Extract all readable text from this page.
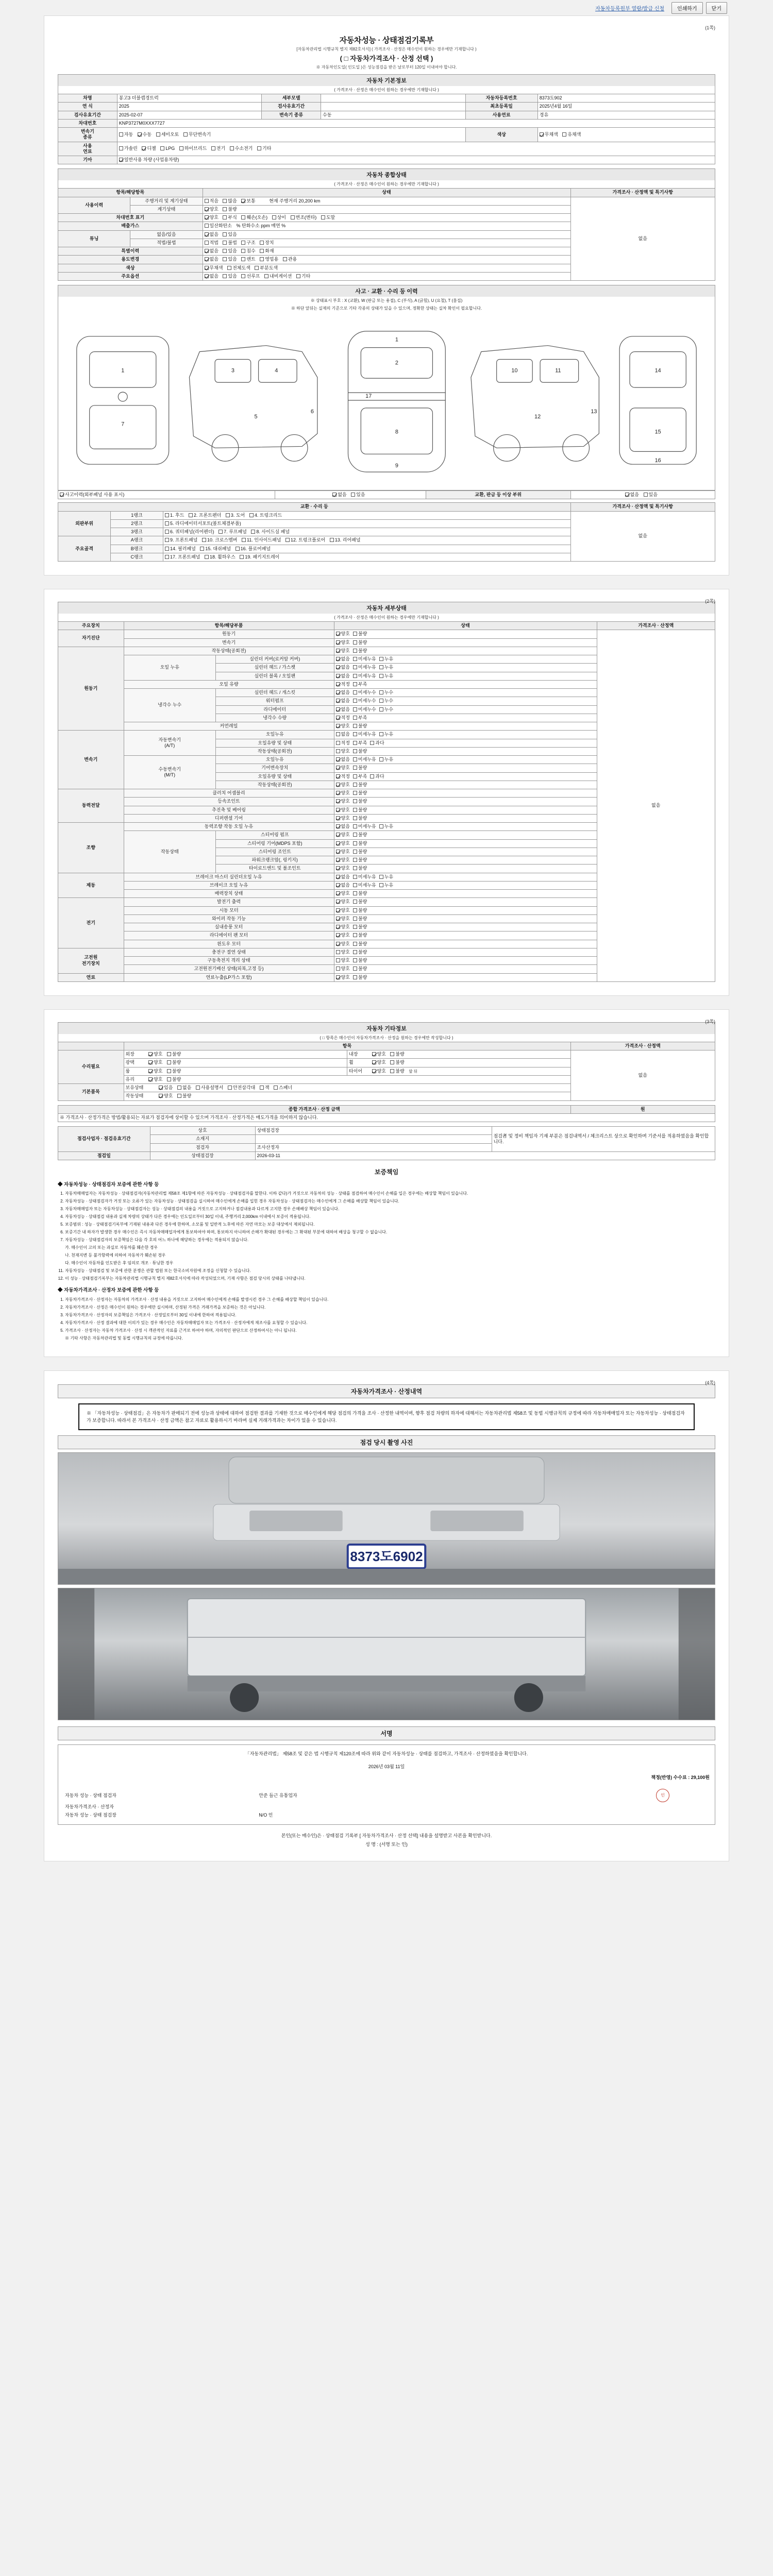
자동차등록원부 열람/발급 신청	인쇄하기	닫기
(1쪽)
자동차성능 · 상태점검기록부
[자동차관리법 시행규칙 별지 제82호서식] ( 가격조사 · 산정은 매수인이 원하는 경우에만 기재합니다 )
( □ 자동차가격조사 · 산정 선택 )
※ 자동차인도일( 인도일 )은 성능점검을 받은 날로부터 120일 이내여야 합니다.
자동차 기본정보
( 가격조사 · 산정은 매수인이 원하는 경우에만 기재합니다 )
차명	봉고3 더블캡경트럭	세부모델		자동차등록번호	8373도902
연 식	2025	검사유효기간		최초등록일	2025년4월 16일
검사유효기간	2025-02-07	변속기 종류	수동	사용연료	경유
차대번호	KNP3727M0XXX7727				
변속기
종류	자동 수동 세미오토 무단변속기			색상	무채색 유채색
사용
연료	가솔린 디젤 LPG 하이브리드 전기 수소전기 기타				
기아	일반사용 차량 (사업용차량)				
자동차 종합상태
( 가격조사 · 산정은 매수인이 원하는 경우에만 기재합니다 )
항목/해당항목		상태	가격조사 · 산정액 및 특기사항
사용이력	주행거리 및 계기상태	적음 많음 보통 현재 주행거리 20,200 km	없음
	계기상태	양호 불량	
차대번호 표기		양호 부식 훼손(오손) 상이 변조(변타) 도말	
배출가스		일산화탄소 % 탄화수소 ppm 매연 %	
튜닝	없음/있음	없음 있음	
	적법/불법	적법 불법 구조 장치	
특별이력		없음 있음 침수 화재	
용도변경		없음 있음 렌트 영업용 관용	
색상		무채색 전체도색 부분도색	
주요옵션		없음 있음 선루프 내비게이션 기타	
사고 · 교환 · 수리 등 이력
※ 상태표시 부호 : X (교환), W (판금 또는 용접), C (부식), A (긁힘), U (요철), T (흠집)
※ 하단 앞뒤는 실제의 기준으로 기타 각종의 상태가 있을 수 있으며, 정확한 상태는 실차 확인이 필요합니다.
1
7
3	4
5
6
1
2
8
9
10	11
12
13
14
15
16
17
사고이력(외부패널 사용 표시)	없음 있음	교환, 판금 등 이상 부위	없음 있음
교환 · 수리 등			가격조사 · 산정액 및 특기사항
외판부위	1랭크	1. 후드 2. 프론트펜더 3. 도어 4. 트렁크리드	없음
	2랭크	5. 라디에이터서포트(볼트체결부품)	
	3랭크	6. 쿼터패널(리어펜더) 7. 루프패널 8. 사이드실 패널	
주요골격	A랭크	9. 프론트패널 10. 크로스멤버 11. 인사이드패널 12. 트렁크플로어 13. 리어패널	
	B랭크	14. 필러패널 15. 대쉬패널 16. 플로어패널	
	C랭크	17. 프론트패널 18. 휠하우스 19. 패키지트레이	
(2쪽)
자동차 세부상태
( 가격조사 · 산정은 매수인이 원하는 경우에만 기재합니다 )
주요장치	항목/해당부품		상태	가격조사 · 산정액
자기진단	원동기		양호 불량	없음
	변속기		양호 불량	
원동기	작동상태(공회전)		양호 불량	
	오일 누유	실린더 커버(로커암 커버)	없음 미세누유 누유	
		실린더 헤드 / 가스켓	없음 미세누유 누유	
		실린더 블록 / 오일팬	없음 미세누유 누유	
	오일 유량		적정 부족	
	냉각수 누수	실린더 헤드 / 개스킷	없음 미세누수 누수	
		워터펌프	없음 미세누수 누수	
		라디에이터	없음 미세누수 누수	
		냉각수 수량	적정 부족	
	커먼레일		양호 불량	
변속기	자동변속기
(A/T)	오일누유	없음 미세누유 누유	
		오일유량 및 상태	적정 부족 과다	
		작동상태(공회전)	양호 불량	
	수동변속기
(M/T)	오일누유	없음 미세누유 누유	
		기어변속장치	양호 불량	
		오일유량 및 상태	적정 부족 과다	
		작동상태(공회전)	양호 불량	
동력전달	클러치 어셈블리		양호 불량	
	등속조인트		양호 불량	
	추진축 및 베어링		양호 불량	
	디퍼렌셜 기어		양호 불량	
조향	동력조향 작동 오일 누유		없음 미세누유 누유	
	작동상태	스티어링 펌프	양호 불량	
		스티어링 기어(MDPS 포함)	양호 불량	
		스티어링 조인트	양호 불량	
		파워크랭크암(, 링키지)	양호 불량	
		타이로드엔드 및 볼조인트	양호 불량	
제동	브레이크 마스터 실린더오일 누유		없음 미세누유 누유	
	브레이크 오일 누유		없음 미세누유 누유	
	배력장치 상태		양호 불량	
전기	발전기 출력		양호 불량	
	시동 모터		양호 불량	
	와이퍼 작동 기능		양호 불량	
	실내송풍 모터		양호 불량	
	라디에이터 팬 모터		양호 불량	
	윈도우 모터		양호 불량	
고전원
전기장치	충전구 절연 상태		양호 불량	
	구동축전지 격리 상태		양호 불량	
	고전원전기배선 상태(피복,고정 등)		양호 불량	
연료	연료누출(LP가스 포함)		양호 불량	
(3쪽)
자동차 기타정보
( □ 항목은 매수인이 자동차가격조사 · 산정을 원하는 경우에만 작성합니다 )
	항목		가격조사 · 산정액
수리필요	외장 양호 불량	내장 양호 불량	없음
	광택 양호 불량	휠 양호 불량	
	룸 양호 불량	타이어 양호 불량 앞 뒤	
	유리 양호 불량		
기본품목	보유상태 있음 없음 사용설명서 안전삼각대 잭 스패너		
	작동상태 양호 불량		
종합 가격조사 · 산정 금액	원
※ 가격조사 · 산정가격은 방법/활용되는 자료가 점검자에 상이할 수 있으며 가격조사 · 산정가격은 매도가격을 의미하지 않습니다.
점검사업자 · 점검유효기간	상호	상태점검장	점검者 및 정비 책임자 기재 부분은 점검내역서 / 체크리스트 상으로 확인하며 기준서를 적용하였음을 확인합니다.
	소재지		
	점검자	조사산정자	
점검일	상태점검장	2026-03-11	
보증책임
◆ 자동차성능 · 상태점검자 보증에 관한 사항 등
1. 자동차매매업자는 자동차성능 · 상태점검자(자동차관리법 제58조 제1항에 따른 자동차성능 · 상태점검자를 말한다. 이하 같다)가 거짓으로 자동차의 성능 · 상태를 점검하여 매수인이 손해를 입은 경우에는 배상할 책임이 있습니다.
2. 자동차성능 · 상태점검자가 거짓 또는 오류가 있는 자동차성능 · 상태점검을 실시하여 매수인에게 손해를 입힌 경우 자동차성능 · 상태점검자는 매수인에게 그 손해를 배상할 책임이 있습니다.
3. 자동차매매업자 또는 자동차성능 · 상태점검자는 성능 · 상태점검의 내용을 거짓으로 고지하거나 점검내용과 다르게 고지한 경우 손해배상 책임이 있습니다.
4. 자동차성능 · 상태점검 내용과 실제 차량의 상태가 다른 경우에는 인도일로부터 30일 이내, 주행거리 2,000km 이내에서 보증이 적용됩니다.
5. 보증범위 : 성능 · 상태점검기록부에 기재된 내용과 다른 경우에 한하며, 소모품 및 일반적 노후에 따른 자연 마모는 보증 대상에서 제외됩니다.
6. 보증기간 내 하자가 발생한 경우 매수인은 즉시 자동차매매업자에게 통보하여야 하며, 통보하지 아니하여 손해가 확대된 경우에는 그 확대된 부분에 대하여 배상을 청구할 수 없습니다.
7. 자동차성능 · 상태점검자의 보증책임은 다음 각 호의 어느 하나에 해당하는 경우에는 적용되지 않습니다.
가. 매수인이 고의 또는 과실로 자동차를 훼손한 경우
나. 천재지변 등 불가항력에 의하여 자동차가 훼손된 경우
다. 매수인이 자동차를 인도받은 후 임의로 개조 · 튜닝한 경우
11. 자동차성능 · 상태점검 및 보증에 관한 분쟁은 관할 법원 또는 한국소비자원에 조정을 신청할 수 있습니다.
12. 이 성능 · 상태점검기록부는 자동차관리법 시행규칙 별지 제82호서식에 따라 작성되었으며, 기재 사항은 점검 당시의 상태를 나타냅니다.
◆ 자동차가격조사 · 산정자 보증에 관한 사항 등
1. 자동차가격조사 · 산정자는 자동차의 가격조사 · 산정 내용을 거짓으로 고지하여 매수인에게 손해를 발생시킨 경우 그 손해를 배상할 책임이 있습니다.
2. 자동차가격조사 · 산정은 매수인이 원하는 경우에만 실시하며, 산정된 가격은 거래가격을 보증하는 것은 아닙니다.
3. 자동차가격조사 · 산정자의 보증책임은 가격조사 · 산정일로부터 30일 이내에 한하여 적용됩니다.
4. 자동차가격조사 · 산정 결과에 대한 이의가 있는 경우 매수인은 자동차매매업자 또는 가격조사 · 산정자에게 재조사를 요청할 수 있습니다.
5. 가격조사 · 산정자는 자동차 가격조사 · 산정 시 객관적인 자료를 근거로 하여야 하며, 자의적인 판단으로 산정하여서는 아니 됩니다.
※ 기타 사항은 자동차관리법 및 동법 시행규칙의 규정에 따릅니다.
(4쪽)
자동차가격조사 · 산정내역
※ 「자동차성능 · 상태점검」은 자동차가 판매되기 전에 성능과 상태에 대하여 점검한 결과를 기재한 것으로 매수인에게 해당 점검의 가격을 조사 · 산정한 내역이며, 향후 점검 차량의 하자에 대해서는 자동차관리법 제58조 및 동법 시행규칙의 규정에 따라 자동차매매업자 또는 자동차성능 · 상태점검자가 보증합니다. 따라서 본 가격조사 · 산정 금액은 참고 자료로 활용하시기 바라며 실제 거래가격과는 차이가 있을 수 있습니다.
점검 당시 촬영 사진
8373도6902
서명
「자동차관리법」 제58조 및 같은 법 시행규칙 제120조에 따라 위와 같이 자동차성능 · 상태를 점검하고, 가격조사 · 산정하였음을 확인합니다.
2026년 03월 11일
책정(반영) 수수료 : 29,100원
자동차 성능 · 상태 점검자	안준 들근 유통업자	인
자동차가격조사 · 산정자		
자동차 성능 · 상태 점검장	N/O 인	
본인(또는 매수인)은 · 상태점검 기록부 [ 자동차가격조사 · 산정 선택] 내용을 설명받고 사본을 확인받니다.
성 명 : (서명 또는 인)
